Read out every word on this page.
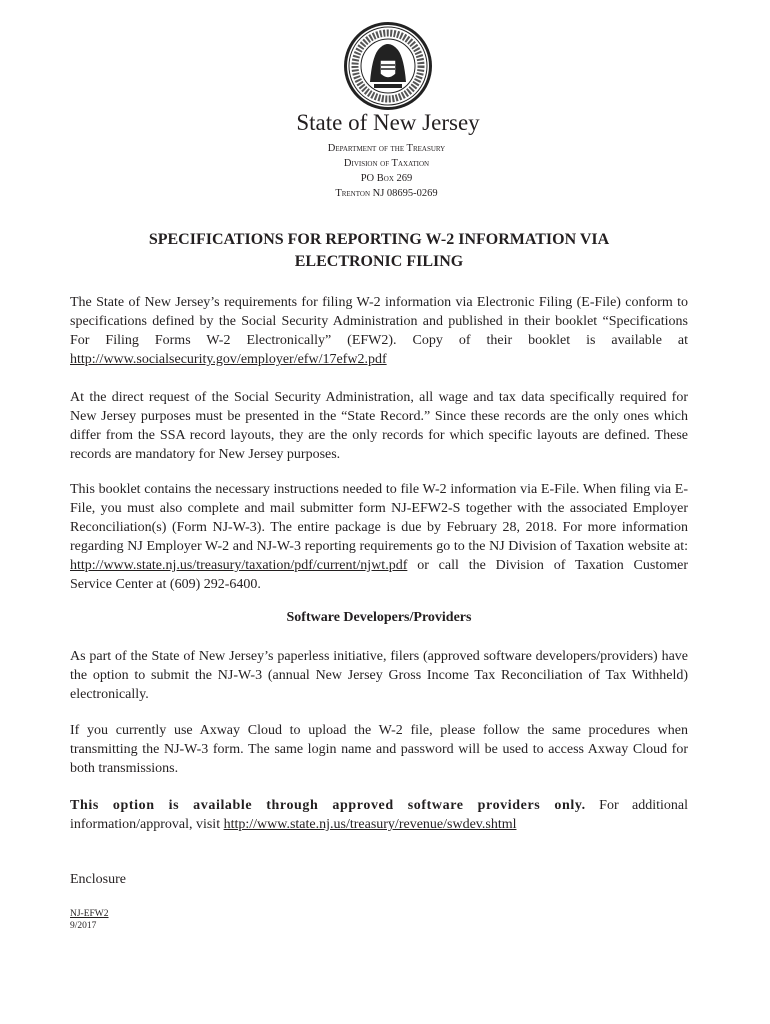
State of New Jersey
Department of the Treasury
Division of Taxation
PO Box 269
Trenton NJ 08695-0269
SPECIFICATIONS FOR REPORTING W-2 INFORMATION VIA
ELECTRONIC FILING
The State of New Jersey’s requirements for filing W-2 information via Electronic Filing (E-File) conform to specifications defined by the Social Security Administration and published in their booklet “Specifications For Filing Forms W-2 Electronically” (EFW2). Copy of their booklet is available at http://www.socialsecurity.gov/employer/efw/17efw2.pdf
At the direct request of the Social Security Administration, all wage and tax data specifically required for New Jersey purposes must be presented in the “State Record.” Since these records are the only ones which differ from the SSA record layouts, they are the only records for which specific layouts are defined. These records are mandatory for New Jersey purposes.
This booklet contains the necessary instructions needed to file W-2 information via E-File. When filing via E-File, you must also complete and mail submitter form NJ-EFW2-S together with the associated Employer Reconciliation(s) (Form NJ-W-3). The entire package is due by February 28, 2018. For more information regarding NJ Employer W-2 and NJ-W-3 reporting requirements go to the NJ Division of Taxation website at: http://www.state.nj.us/treasury/taxation/pdf/current/njwt.pdf or call the Division of Taxation Customer Service Center at (609) 292-6400.
Software Developers/Providers
As part of the State of New Jersey’s paperless initiative, filers (approved software developers/providers) have the option to submit the NJ-W-3 (annual New Jersey Gross Income Tax Reconciliation of Tax Withheld) electronically.
If you currently use Axway Cloud to upload the W-2 file, please follow the same procedures when transmitting the NJ-W-3 form. The same login name and password will be used to access Axway Cloud for both transmissions.
This option is available through approved software providers only. For additional information/approval, visit http://www.state.nj.us/treasury/revenue/swdev.shtml
Enclosure
NJ-EFW2
9/2017
